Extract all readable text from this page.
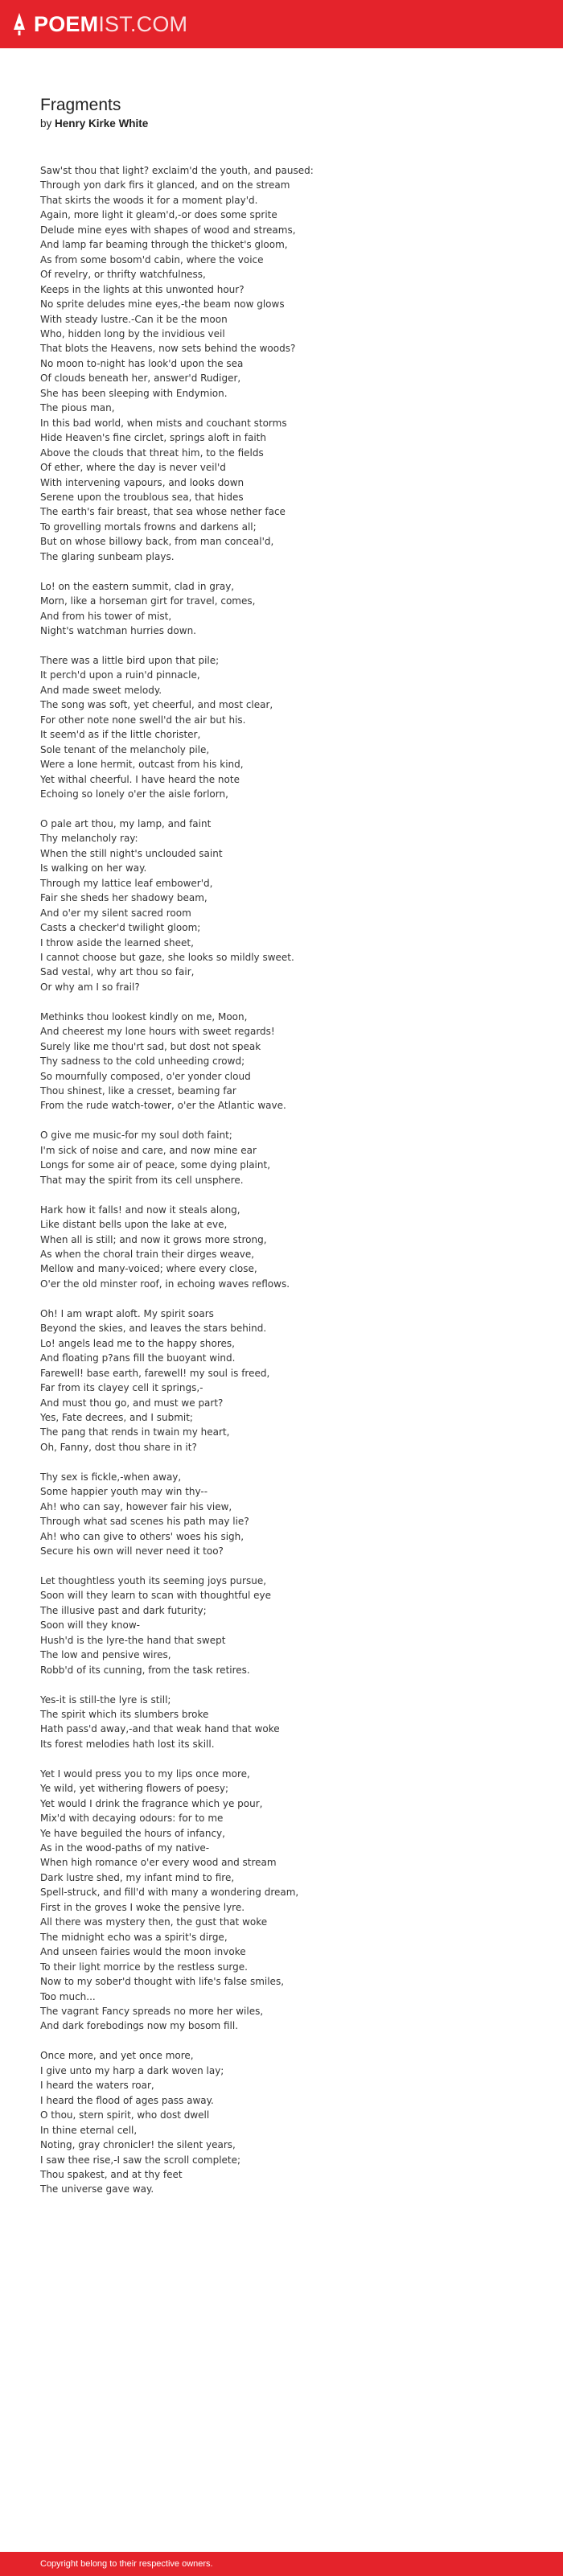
POEMIST.COM
Fragments
by Henry Kirke White
Saw'st thou that light? exclaim'd the youth, and paused:
Through yon dark firs it glanced, and on the stream
That skirts the woods it for a moment play'd.
Again, more light it gleam'd,-or does some sprite
Delude mine eyes with shapes of wood and streams,
And lamp far beaming through the thicket's gloom,
As from some bosom'd cabin, where the voice
Of revelry, or thrifty watchfulness,
Keeps in the lights at this unwonted hour?
No sprite deludes mine eyes,-the beam now glows
With steady lustre.-Can it be the moon
Who, hidden long by the invidious veil
That blots the Heavens, now sets behind the woods?
No moon to-night has look'd upon the sea
Of clouds beneath her, answer'd Rudiger,
She has been sleeping with Endymion.
The pious man,
In this bad world, when mists and couchant storms
Hide Heaven's fine circlet, springs aloft in faith
Above the clouds that threat him, to the fields
Of ether, where the day is never veil'd
With intervening vapours, and looks down
Serene upon the troublous sea, that hides
The earth's fair breast, that sea whose nether face
To grovelling mortals frowns and darkens all;
But on whose billowy back, from man conceal'd,
The glaring sunbeam plays.
Lo! on the eastern summit, clad in gray,
Morn, like a horseman girt for travel, comes,
And from his tower of mist,
Night's watchman hurries down.
There was a little bird upon that pile;
It perch'd upon a ruin'd pinnacle,
And made sweet melody.
The song was soft, yet cheerful, and most clear,
For other note none swell'd the air but his.
It seem'd as if the little chorister,
Sole tenant of the melancholy pile,
Were a lone hermit, outcast from his kind,
Yet withal cheerful. I have heard the note
Echoing so lonely o'er the aisle forlorn,
O pale art thou, my lamp, and faint
Thy melancholy ray:
When the still night's unclouded saint
Is walking on her way.
Through my lattice leaf embower'd,
Fair she sheds her shadowy beam,
And o'er my silent sacred room
Casts a checker'd twilight gloom;
I throw aside the learned sheet,
I cannot choose but gaze, she looks so mildly sweet.
Sad vestal, why art thou so fair,
Or why am I so frail?
Methinks thou lookest kindly on me, Moon,
And cheerest my lone hours with sweet regards!
Surely like me thou'rt sad, but dost not speak
Thy sadness to the cold unheeding crowd;
So mournfully composed, o'er yonder cloud
Thou shinest, like a cresset, beaming far
From the rude watch-tower, o'er the Atlantic wave.
O give me music-for my soul doth faint;
I'm sick of noise and care, and now mine ear
Longs for some air of peace, some dying plaint,
That may the spirit from its cell unsphere.
Hark how it falls! and now it steals along,
Like distant bells upon the lake at eve,
When all is still; and now it grows more strong,
As when the choral train their dirges weave,
Mellow and many-voiced; where every close,
O'er the old minster roof, in echoing waves reflows.
Oh! I am wrapt aloft. My spirit soars
Beyond the skies, and leaves the stars behind.
Lo! angels lead me to the happy shores,
And floating p?ans fill the buoyant wind.
Farewell! base earth, farewell! my soul is freed,
Far from its clayey cell it springs,-
And must thou go, and must we part?
Yes, Fate decrees, and I submit;
The pang that rends in twain my heart,
Oh, Fanny, dost thou share in it?
Thy sex is fickle,-when away,
Some happier youth may win thy--
Ah! who can say, however fair his view,
Through what sad scenes his path may lie?
Ah! who can give to others' woes his sigh,
Secure his own will never need it too?
Let thoughtless youth its seeming joys pursue,
Soon will they learn to scan with thoughtful eye
The illusive past and dark futurity;
Soon will they know-
Hush'd is the lyre-the hand that swept
The low and pensive wires,
Robb'd of its cunning, from the task retires.
Yes-it is still-the lyre is still;
The spirit which its slumbers broke
Hath pass'd away,-and that weak hand that woke
Its forest melodies hath lost its skill.
Yet I would press you to my lips once more,
Ye wild, yet withering flowers of poesy;
Yet would I drink the fragrance which ye pour,
Mix'd with decaying odours: for to me
Ye have beguiled the hours of infancy,
As in the wood-paths of my native-
When high romance o'er every wood and stream
Dark lustre shed, my infant mind to fire,
Spell-struck, and fill'd with many a wondering dream,
First in the groves I woke the pensive lyre.
All there was mystery then, the gust that woke
The midnight echo was a spirit's dirge,
And unseen fairies would the moon invoke
To their light morrice by the restless surge.
Now to my sober'd thought with life's false smiles,
Too much...
The vagrant Fancy spreads no more her wiles,
And dark forebodings now my bosom fill.
Once more, and yet once more,
I give unto my harp a dark woven lay;
I heard the waters roar,
I heard the flood of ages pass away.
O thou, stern spirit, who dost dwell
In thine eternal cell,
Noting, gray chronicler! the silent years,
I saw thee rise,-I saw the scroll complete;
Thou spakest, and at thy feet
The universe gave way.
Copyright belong to their respective owners.
